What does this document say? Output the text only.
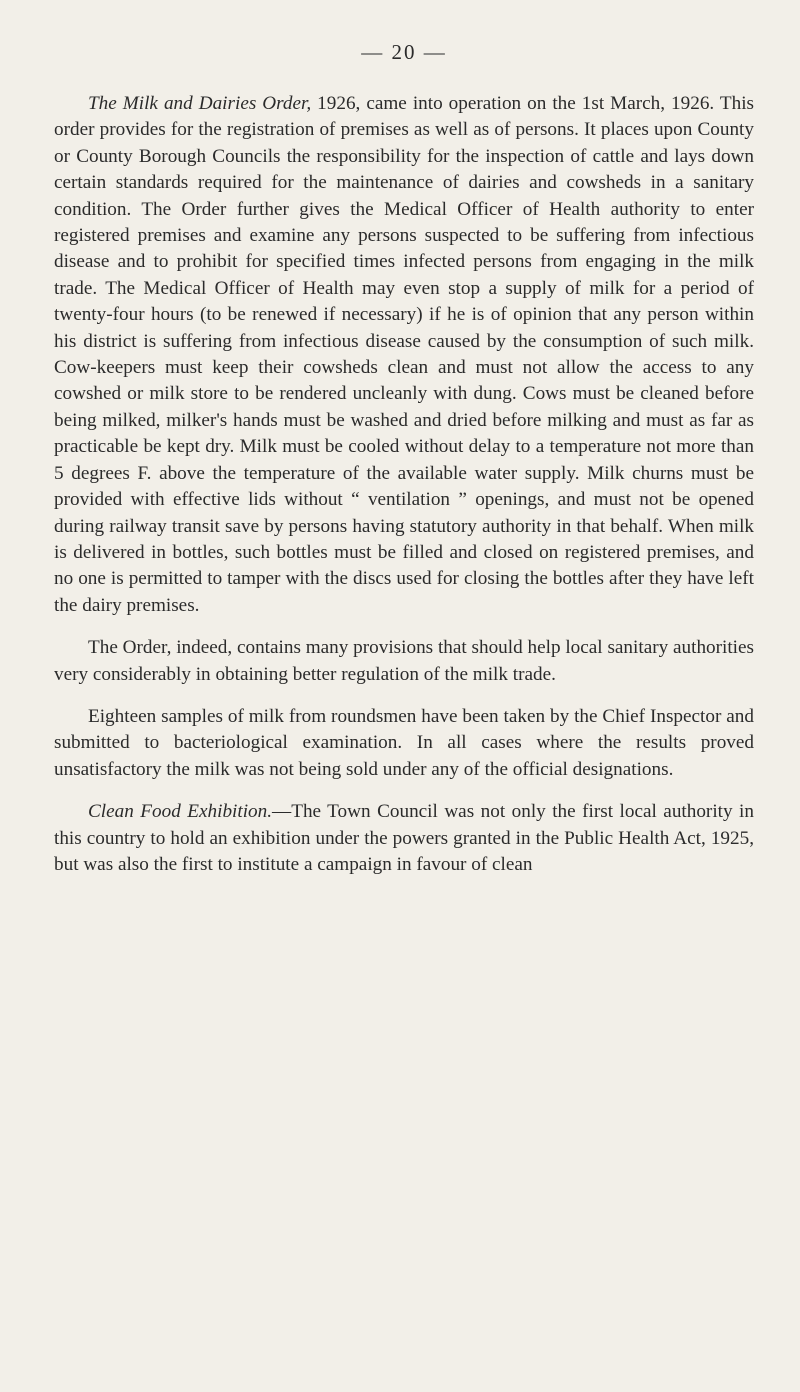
— 20 —

The Milk and Dairies Order, 1926, came into operation on the 1st March, 1926. This order provides for the registration of premises as well as of persons. It places upon County or County Borough Councils the responsibility for the inspection of cattle and lays down certain standards required for the maintenance of dairies and cowsheds in a sanitary condition. The Order further gives the Medical Officer of Health authority to enter registered premises and examine any persons suspected to be suffering from infectious disease and to prohibit for specified times infected persons from engaging in the milk trade. The Medical Officer of Health may even stop a supply of milk for a period of twenty-four hours (to be renewed if necessary) if he is of opinion that any person within his district is suffering from infectious disease caused by the consumption of such milk. Cow-keepers must keep their cowsheds clean and must not allow the access to any cowshed or milk store to be rendered uncleanly with dung. Cows must be cleaned before being milked, milker's hands must be washed and dried before milking and must as far as practicable be kept dry. Milk must be cooled without delay to a temperature not more than 5 degrees F. above the temperature of the available water supply. Milk churns must be provided with effective lids without “ ventilation ” openings, and must not be opened during railway transit save by persons having statutory authority in that behalf. When milk is delivered in bottles, such bottles must be filled and closed on registered premises, and no one is permitted to tamper with the discs used for closing the bottles after they have left the dairy premises.

The Order, indeed, contains many provisions that should help local sanitary authorities very considerably in obtaining better regulation of the milk trade.

Eighteen samples of milk from roundsmen have been taken by the Chief Inspector and submitted to bacteriological examination. In all cases where the results proved unsatisfactory the milk was not being sold under any of the official designations.

Clean Food Exhibition.—The Town Council was not only the first local authority in this country to hold an exhibition under the powers granted in the Public Health Act, 1925, but was also the first to institute a campaign in favour of clean
